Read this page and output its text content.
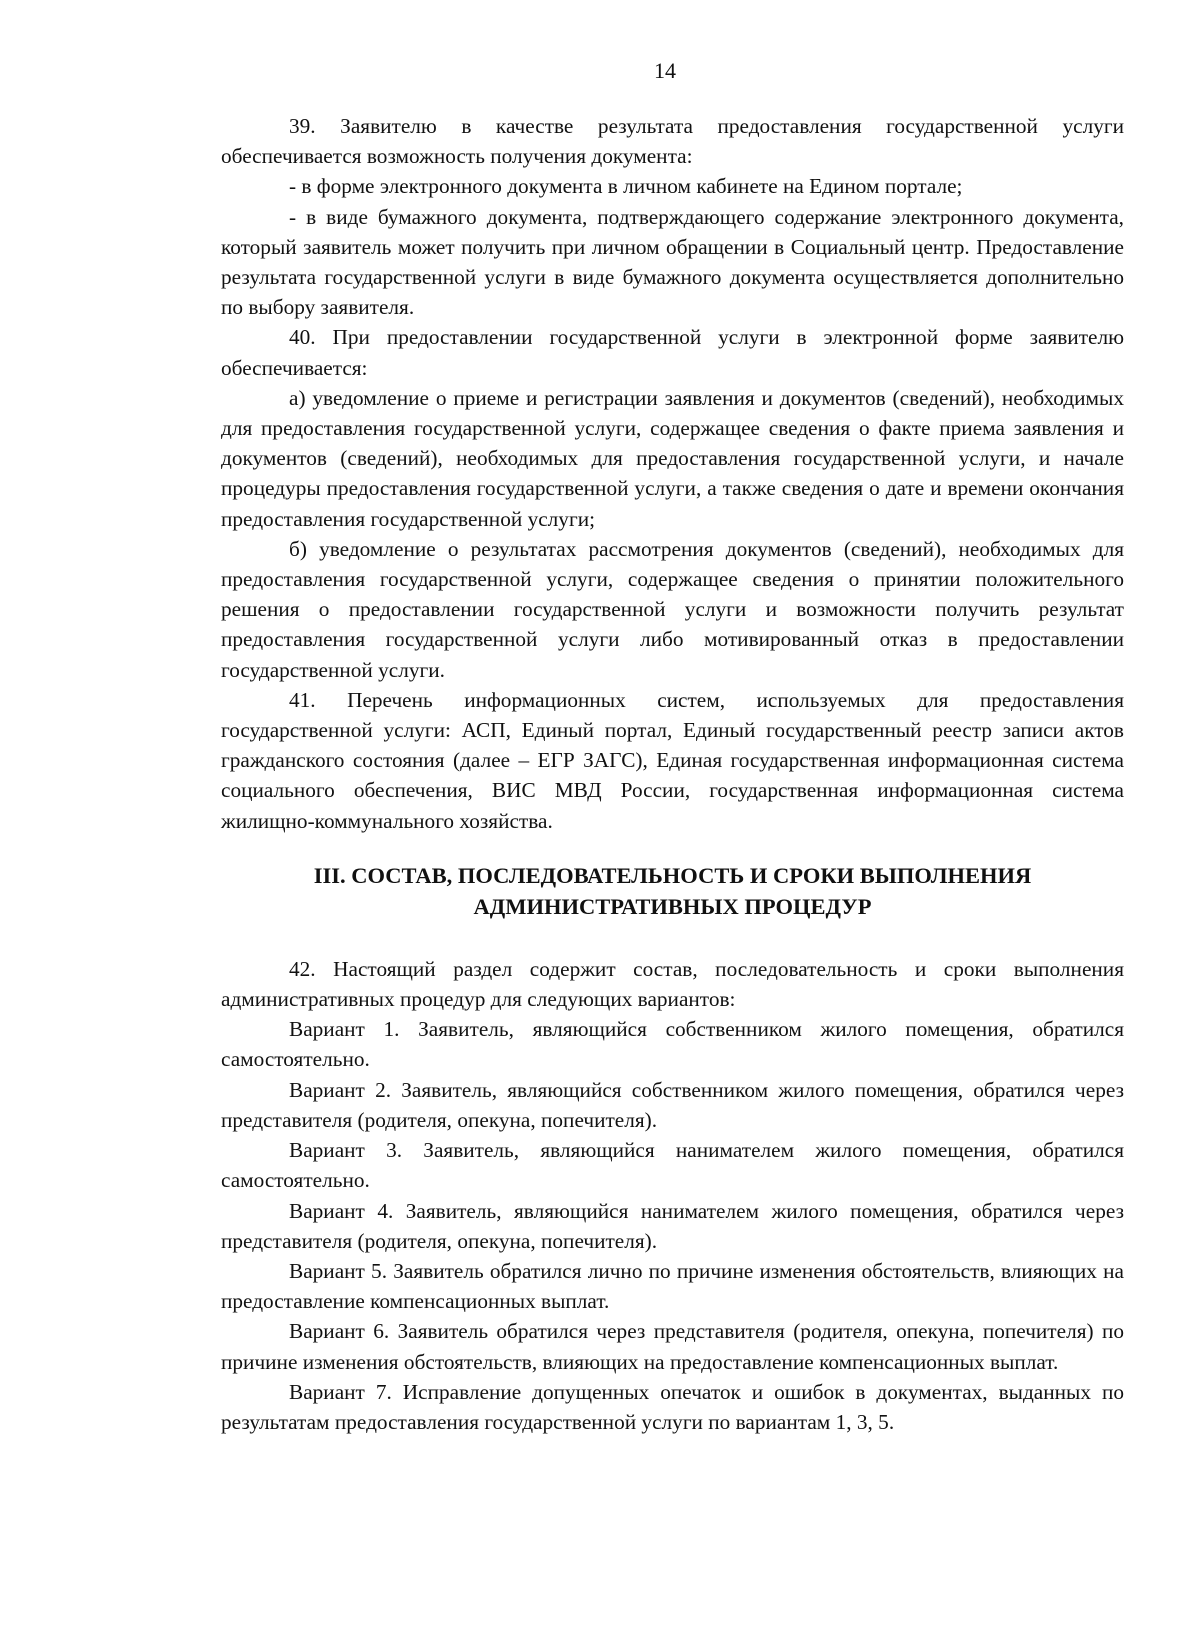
14

39. Заявителю в качестве результата предоставления государственной услуги обеспечивается возможность получения документа:

- в форме электронного документа в личном кабинете на Едином портале;

- в виде бумажного документа, подтверждающего содержание электронного документа, который заявитель может получить при личном обращении в Социальный центр. Предоставление результата государственной услуги в виде бумажного документа осуществляется дополнительно по выбору заявителя.

40. При предоставлении государственной услуги в электронной форме заявителю обеспечивается:

а) уведомление о приеме и регистрации заявления и документов (сведений), необходимых для предоставления государственной услуги, содержащее сведения о факте приема заявления и документов (сведений), необходимых для предоставления государственной услуги, и начале процедуры предоставления государственной услуги, а также сведения о дате и времени окончания предоставления государственной услуги;

б) уведомление о результатах рассмотрения документов (сведений), необходимых для предоставления государственной услуги, содержащее сведения о принятии положительного решения о предоставлении государственной услуги и возможности получить результат предоставления государственной услуги либо мотивированный отказ в предоставлении государственной услуги.

41. Перечень информационных систем, используемых для предоставления государственной услуги: АСП, Единый портал, Единый государственный реестр записи актов гражданского состояния (далее – ЕГР ЗАГС), Единая государственная информационная система социального обеспечения, ВИС МВД России, государственная информационная система жилищно-коммунального хозяйства.

III. СОСТАВ, ПОСЛЕДОВАТЕЛЬНОСТЬ И СРОКИ ВЫПОЛНЕНИЯ
АДМИНИСТРАТИВНЫХ ПРОЦЕДУР

42. Настоящий раздел содержит состав, последовательность и сроки выполнения административных процедур для следующих вариантов:

Вариант 1. Заявитель, являющийся собственником жилого помещения, обратился самостоятельно.

Вариант 2. Заявитель, являющийся собственником жилого помещения, обратился через представителя (родителя, опекуна, попечителя).

Вариант 3. Заявитель, являющийся нанимателем жилого помещения, обратился самостоятельно.

Вариант 4. Заявитель, являющийся нанимателем жилого помещения, обратился через представителя (родителя, опекуна, попечителя).

Вариант 5. Заявитель обратился лично по причине изменения обстоятельств, влияющих на предоставление компенсационных выплат.

Вариант 6. Заявитель обратился через представителя (родителя, опекуна, попечителя) по причине изменения обстоятельств, влияющих на предоставление компенсационных выплат.

Вариант 7. Исправление допущенных опечаток и ошибок в документах, выданных по результатам предоставления государственной услуги по вариантам 1, 3, 5.
